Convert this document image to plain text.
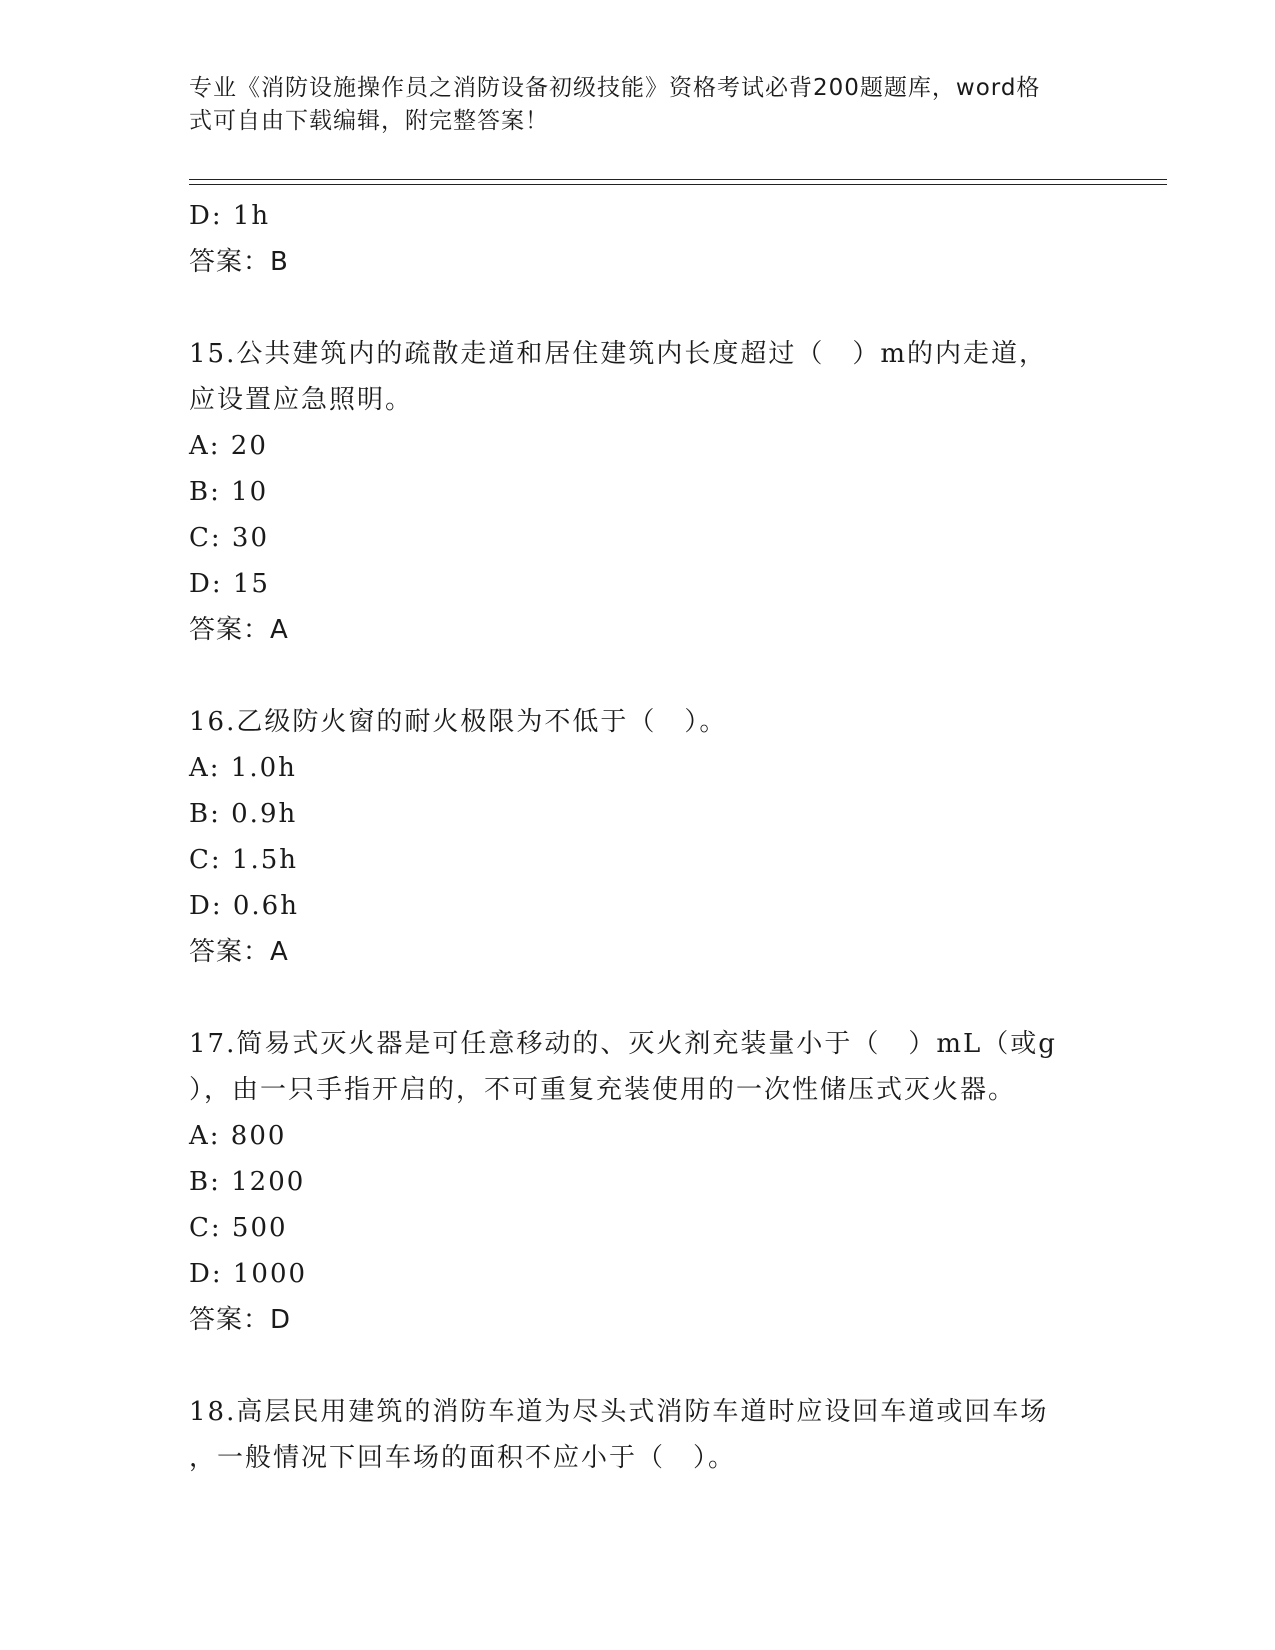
专业《消防设施操作员之消防设备初级技能》资格考试必背200题题库，word格
式可自由下载编辑，附完整答案！
D: 1h
答案：B
15.公共建筑内的疏散走道和居住建筑内长度超过（　）m的内走道，
应设置应急照明。
A: 20
B: 10
C: 30
D: 15
答案：A
16.乙级防火窗的耐火极限为不低于（　）。
A: 1.0h
B: 0.9h
C: 1.5h
D: 0.6h
答案：A
17.简易式灭火器是可任意移动的、灭火剂充装量小于（　）mL（或g
），由一只手指开启的，不可重复充装使用的一次性储压式灭火器。
A: 800
B: 1200
C: 500
D: 1000
答案：D
18.高层民用建筑的消防车道为尽头式消防车道时应设回车道或回车场
，一般情况下回车场的面积不应小于（　）。
